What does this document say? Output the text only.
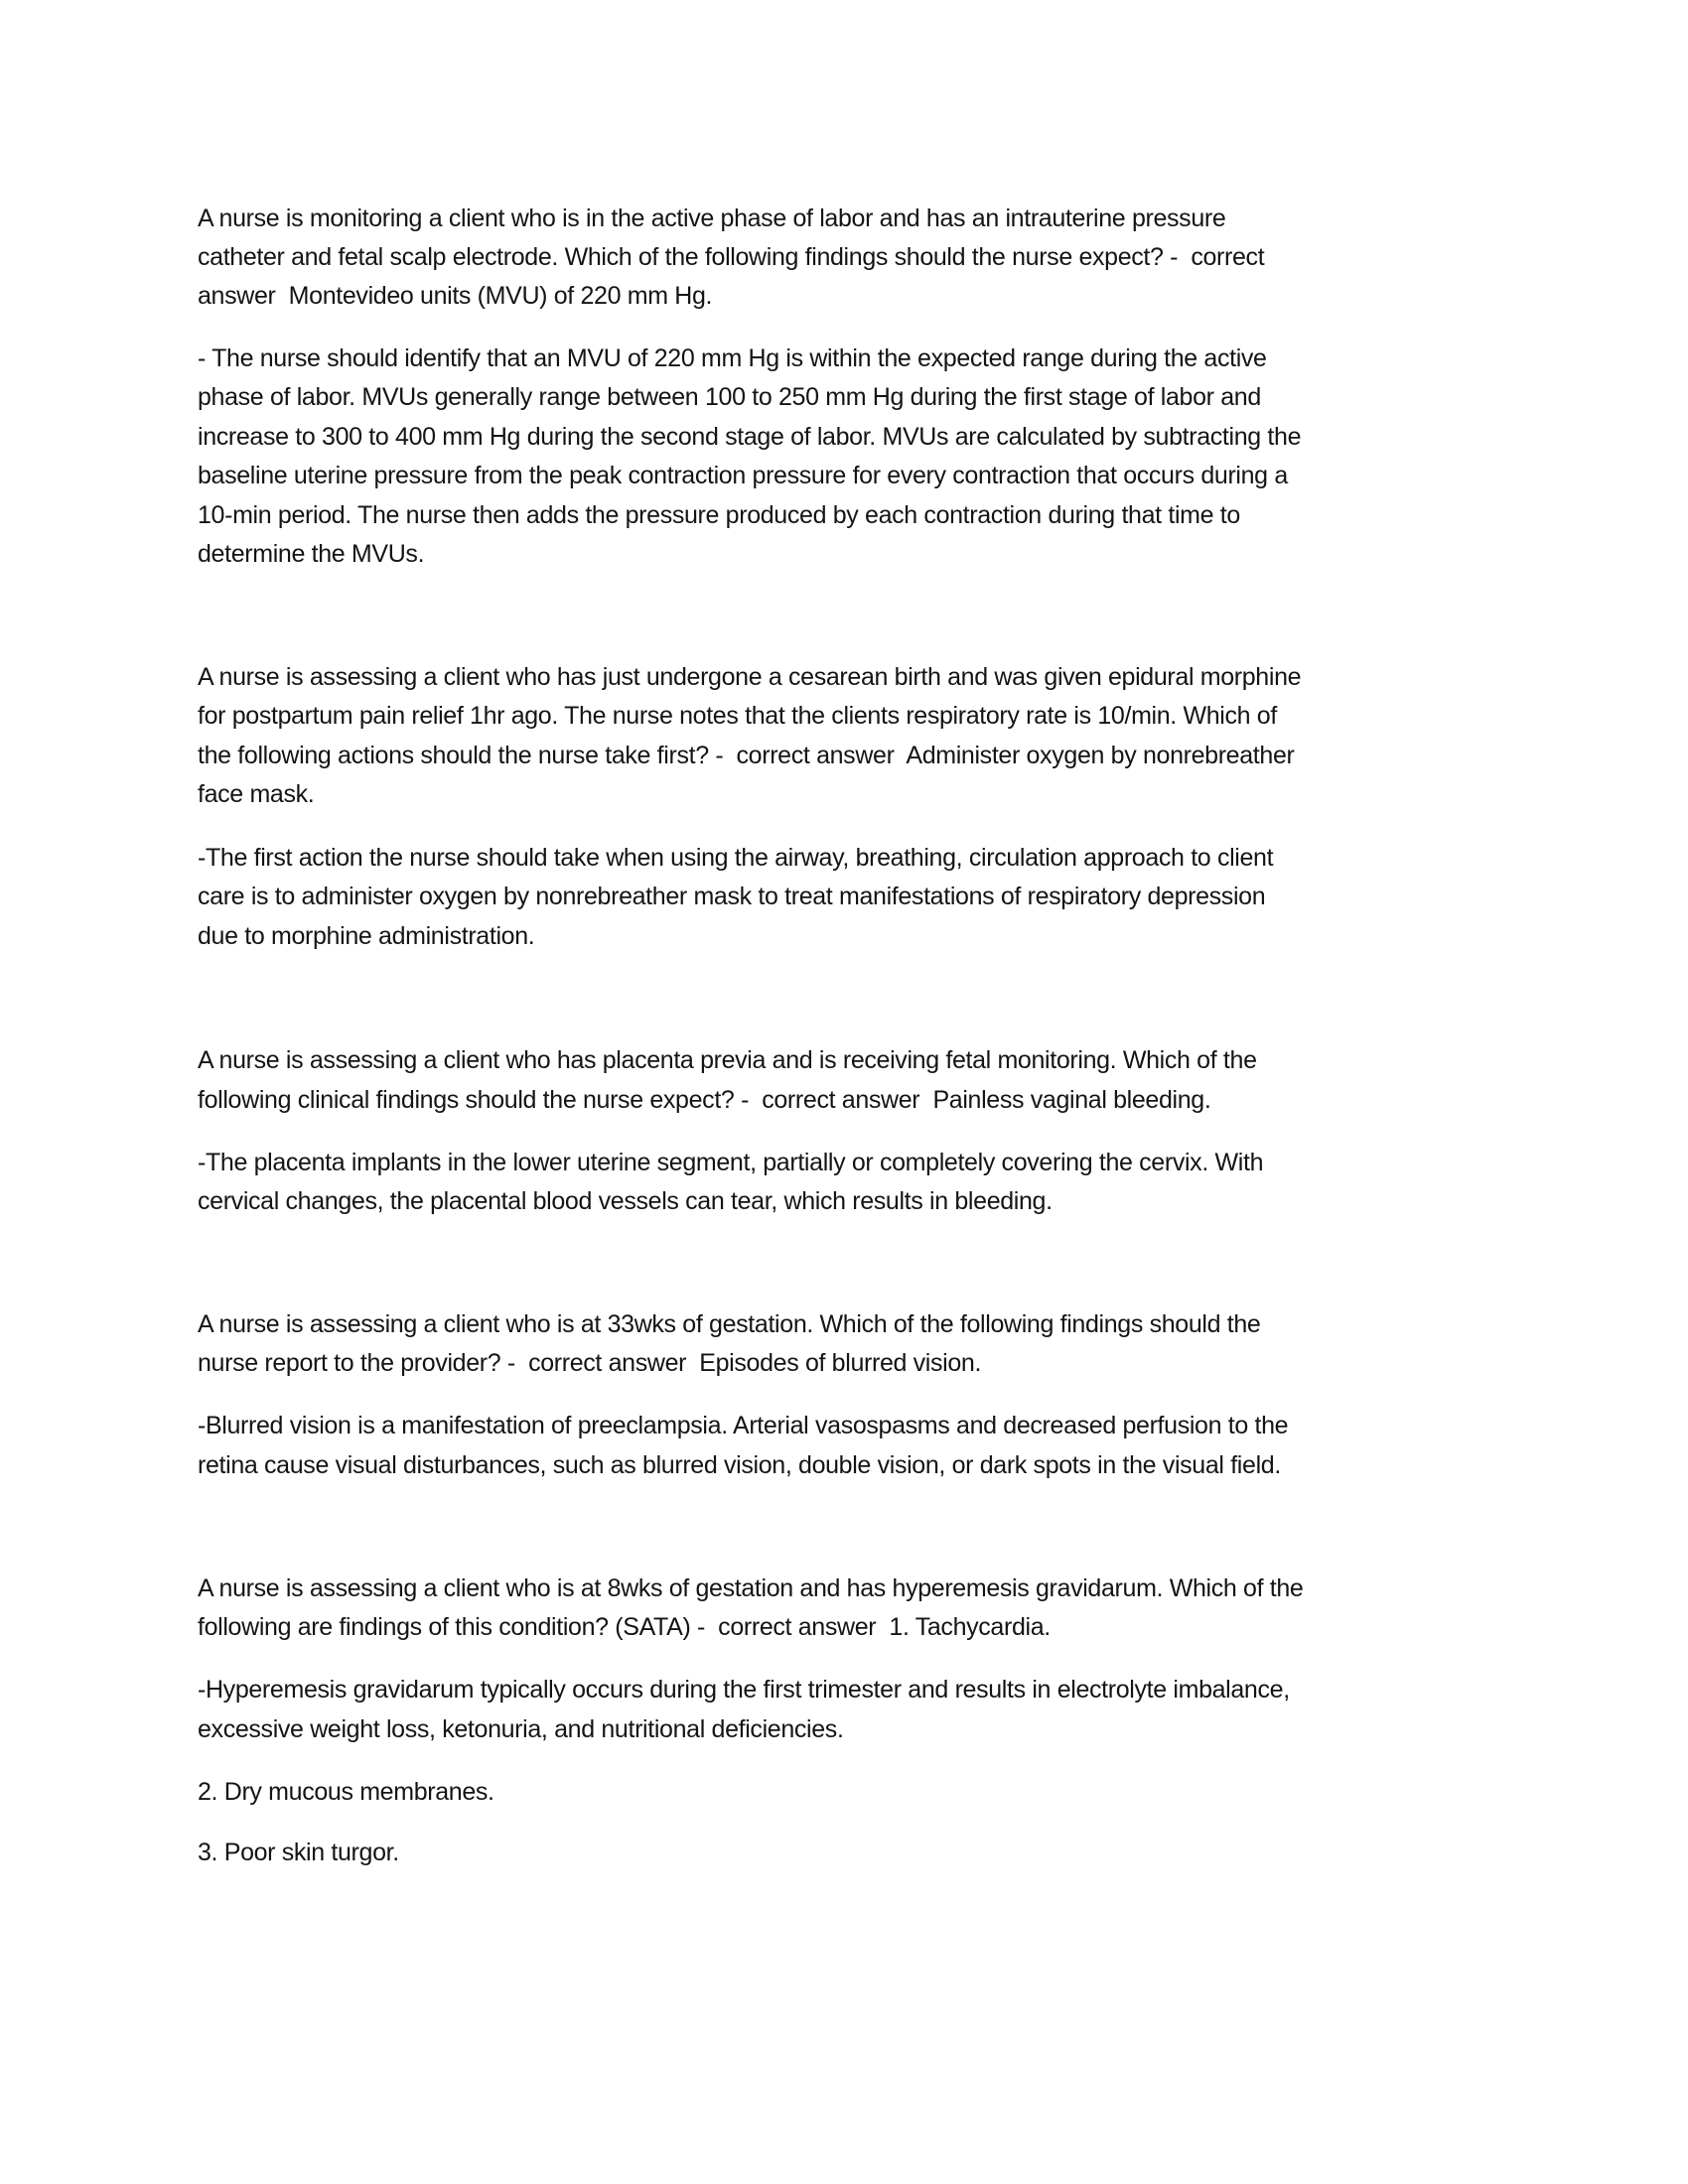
A nurse is monitoring a client who is in the active phase of labor and has an intrauterine pressure
catheter and fetal scalp electrode. Which of the following findings should the nurse expect? -  correct
answer  Montevideo units (MVU) of 220 mm Hg.
- The nurse should identify that an MVU of 220 mm Hg is within the expected range during the active
phase of labor. MVUs generally range between 100 to 250 mm Hg during the first stage of labor and
increase to 300 to 400 mm Hg during the second stage of labor. MVUs are calculated by subtracting the
baseline uterine pressure from the peak contraction pressure for every contraction that occurs during a
10-min period. The nurse then adds the pressure produced by each contraction during that time to
determine the MVUs.
A nurse is assessing a client who has just undergone a cesarean birth and was given epidural morphine
for postpartum pain relief 1hr ago. The nurse notes that the clients respiratory rate is 10/min. Which of
the following actions should the nurse take first? -  correct answer  Administer oxygen by nonrebreather
face mask.
-The first action the nurse should take when using the airway, breathing, circulation approach to client
care is to administer oxygen by nonrebreather mask to treat manifestations of respiratory depression
due to morphine administration.
A nurse is assessing a client who has placenta previa and is receiving fetal monitoring. Which of the
following clinical findings should the nurse expect? -  correct answer  Painless vaginal bleeding.
-The placenta implants in the lower uterine segment, partially or completely covering the cervix. With
cervical changes, the placental blood vessels can tear, which results in bleeding.
A nurse is assessing a client who is at 33wks of gestation. Which of the following findings should the
nurse report to the provider? -  correct answer  Episodes of blurred vision.
-Blurred vision is a manifestation of preeclampsia. Arterial vasospasms and decreased perfusion to the
retina cause visual disturbances, such as blurred vision, double vision, or dark spots in the visual field.
A nurse is assessing a client who is at 8wks of gestation and has hyperemesis gravidarum. Which of the
following are findings of this condition? (SATA) -  correct answer  1. Tachycardia.
-Hyperemesis gravidarum typically occurs during the first trimester and results in electrolyte imbalance,
excessive weight loss, ketonuria, and nutritional deficiencies.
2. Dry mucous membranes.
3. Poor skin turgor.
